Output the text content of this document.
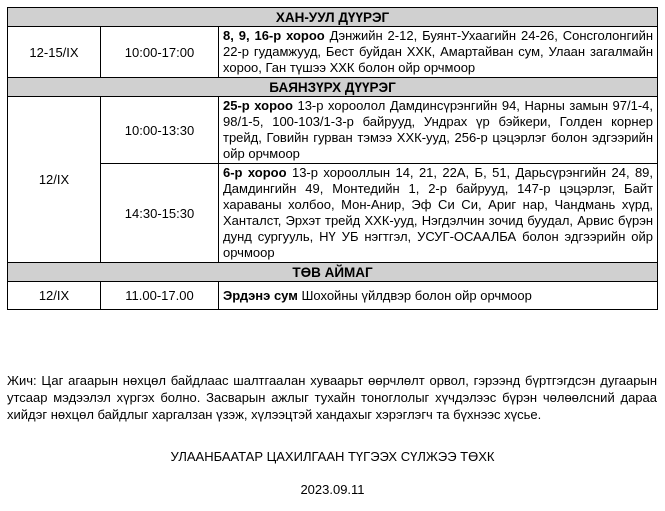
ХАН-УУЛ ДҮҮРЭГ		
12-15/IX	10:00-17:00	8, 9, 16-р хороо Дэнжийн 2-12, Буянт-Ухаагийн 24-26, Сонсголонгийн 22-р гудамжууд, Бест буйдан ХХК, Амартайван сум, Улаан загалмайн хороо, Ган түшээ ХХК болон ойр орчмоор
БАЯНЗҮРХ ДҮҮРЭГ		
12/IX	10:00-13:30	25-р хороо 13-р хороолол Дамдинсүрэнгийн 94, Нарны замын 97/1-4, 98/1-5, 100-103/1-3-р байрууд, Ундрах үр бэйкери, Голден корнер трейд, Говийн гурван тэмээ ХХК-ууд, 256-р цэцэрлэг болон эдгээрийн ойр орчмоор
	14:30-15:30	6-р хороо 13-р хорооллын 14, 21, 22А, Б, 51, Дарьсүрэнгийн 24, 89, Дамдингийн 49, Монтедийн 1, 2-р байрууд, 147-р цэцэрлэг, Байт хараваны холбоо, Мон-Анир, Эф Си Си, Ариг нар, Чандмань хүрд, Ханталст, Эрхэт трейд ХХК-ууд, Нэгдэлчин зочид буудал, Арвис бүрэн дунд сургууль, НҮ УБ нэгтгэл, УСУГ-ОСААЛБА болон эдгээрийн ойр орчмоор
ТӨВ АЙМАГ		
12/IX	11.00-17.00	Эрдэнэ сум Шохойны үйлдвэр болон ойр орчмоор

Жич: Цаг агаарын нөхцөл байдлаас шалтгаалан хуваарьт өөрчлөлт орвол, гэрээнд бүртгэгдсэн дугаарын утсаар мэдээлэл хүргэх болно. Засварын ажлыг тухайн тоноглолыг хүчдэлээс бүрэн чөлөөлсний дараа хийдэг нөхцөл байдлыг харгалзан үзэж, хүлээцтэй хандахыг хэрэглэгч та бүхнээс хүсье.

УЛААНБААТАР ЦАХИЛГААН ТҮГЭЭХ СҮЛЖЭЭ ТӨХК

2023.09.11
